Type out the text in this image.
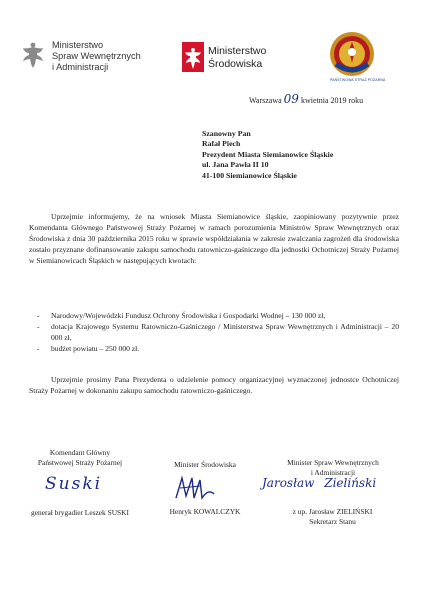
Ministerstwo
Spraw Wewnętrznych
i Administracji
Ministerstwo
Środowiska
PAŃSTWOWA STRAŻ POŻARNA
Warszawa 09 kwietnia 2019 roku
Szanowny Pan
Rafał Piech
Prezydent Miasta Siemianowice Śląskie
ul. Jana Pawła II 10
41-100 Siemianowice Śląskie
Uprzejmie informujemy, że na wniosek Miasta Siemianowice śląskie, zaopiniowany pozytywnie przez Komendanta Głównego Państwowej Straży Pożarnej w ramach porozumienia Ministrów Spraw Wewnętrznych oraz Środowiska z dnia 30 października 2015 roku w sprawie współdziałania w zakresie zwalczania zagrożeń dla środowiska zostało przyznane dofinansowanie zakupu samochodu ratowniczo-gaśniczego dla jednostki Ochotniczej Straży Pożarnej w Siemianowicach Śląskich w następujących kwotach:
- Narodowy/Wojewódzki Fundusz Ochrony Środowiska i Gospodarki Wodnej – 130 000 zł,
- dotacja Krajowego Systemu Ratowniczo-Gaśniczego / Ministerstwa Spraw Wewnętrznych i Administracji – 20 000 zł,
- budżet powiatu – 250 000 zł.
Uprzejmie prosimy Pana Prezydenta o udzielenie pomocy organizacyjnej wyznaczonej jednostce Ochotniczej Straży Pożarnej w dokonaniu zakupu samochodu ratowniczo-gaśniczego.
Komendant Główny
Państwowej Straży Pożarnej
Suski
generał brygadier Leszek SUSKI
Minister Środowiska
Henryk KOWALCZYK
Minister Spraw Wewnętrznych
i Administracji
Jarosław Zieliński
z up. Jarosław ZIELIŃSKI
Sekretarz Stanu
